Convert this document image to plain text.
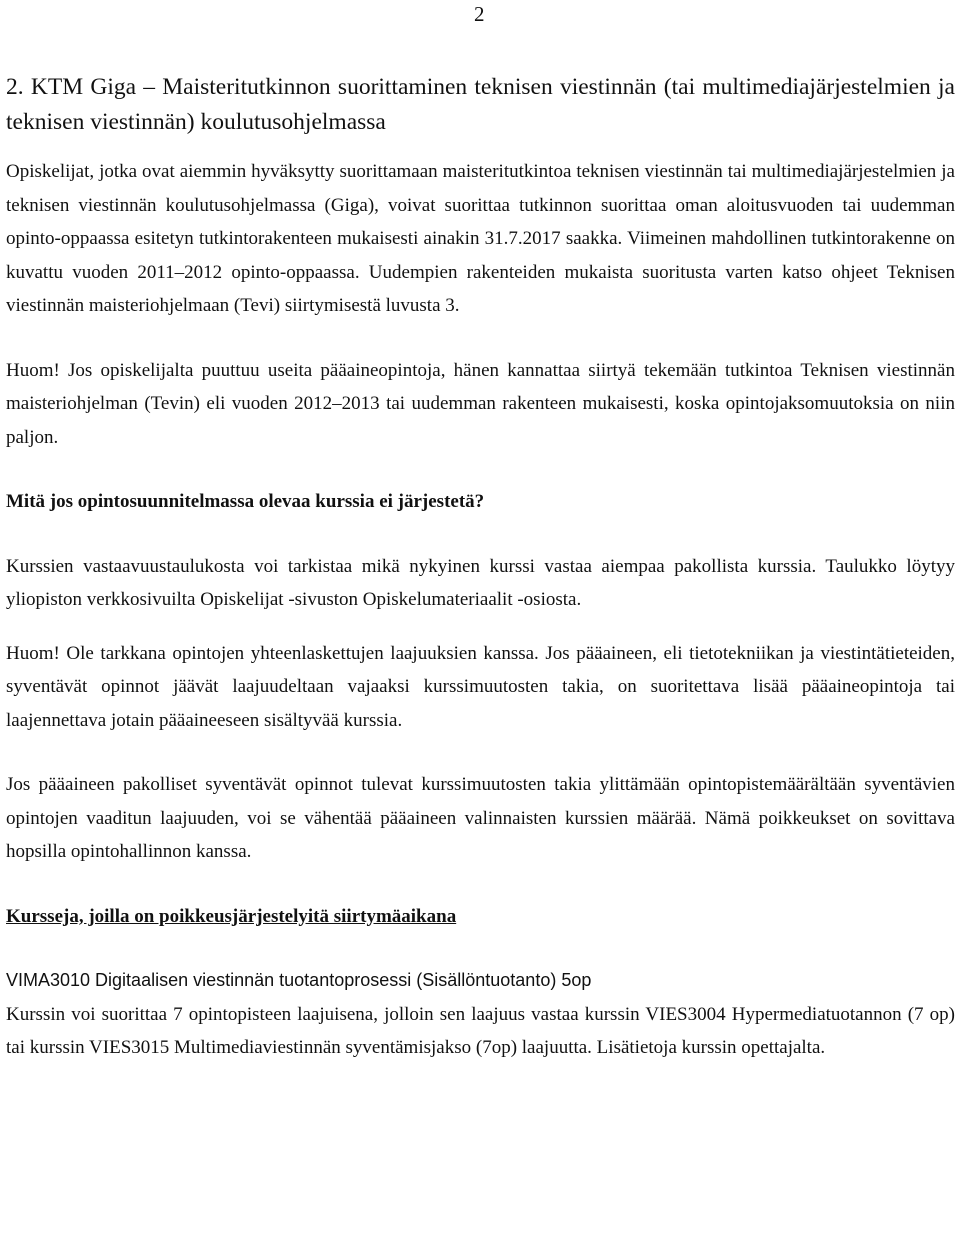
2
2. KTM Giga – Maisteritutkinnon suorittaminen teknisen viestinnän (tai multimediajärjestelmien ja teknisen viestinnän) koulutusohjelmassa

Opiskelijat, jotka ovat aiemmin hyväksytty suorittamaan maisteritutkintoa teknisen viestinnän tai multimediajärjestelmien ja teknisen viestinnän koulutusohjelmassa (Giga), voivat suorittaa tutkinnon suorittaa oman aloitusvuoden tai uudemman opinto-oppaassa esitetyn tutkintorakenteen mukaisesti ainakin 31.7.2017 saakka. Viimeinen mahdollinen tutkintorakenne on kuvattu vuoden 2011–2012 opinto-oppaassa. Uudempien rakenteiden mukaista suoritusta varten katso ohjeet Teknisen viestinnän maisteriohjelmaan (Tevi) siirtymisestä luvusta 3.

Huom! Jos opiskelijalta puuttuu useita pääaineopintoja, hänen kannattaa siirtyä tekemään tutkintoa Teknisen viestinnän maisteriohjelman (Tevin) eli vuoden 2012–2013 tai uudemman rakenteen mukaisesti, koska opintojaksomuutoksia on niin paljon.

Mitä jos opintosuunnitelmassa olevaa kurssia ei järjestetä?

Kurssien vastaavuustaulukosta voi tarkistaa mikä nykyinen kurssi vastaa aiempaa pakollista kurssia. Taulukko löytyy yliopiston verkkosivuilta Opiskelijat -sivuston Opiskelumateriaalit -osiosta.

Huom! Ole tarkkana opintojen yhteenlaskettujen laajuuksien kanssa. Jos pääaineen, eli tietotekniikan ja viestintätieteiden, syventävät opinnot jäävät laajuudeltaan vajaaksi kurssimuutosten takia, on suoritettava lisää pääaineopintoja tai laajennettava jotain pääaineeseen sisältyvää kurssia.

Jos pääaineen pakolliset syventävät opinnot tulevat kurssimuutosten takia ylittämään opintopistemäärältään syventävien opintojen vaaditun laajuuden, voi se vähentää pääaineen valinnaisten kurssien määrää. Nämä poikkeukset on sovittava hopsilla opintohallinnon kanssa.

Kursseja, joilla on poikkeusjärjestelyitä siirtymäaikana

VIMA3010 Digitaalisen viestinnän tuotantoprosessi (Sisällöntuotanto) 5op

Kurssin voi suorittaa 7 opintopisteen laajuisena, jolloin sen laajuus vastaa kurssin VIES3004 Hypermediatuotannon (7 op) tai kurssin VIES3015 Multimediaviestinnän syventämisjakso (7op) laajuutta. Lisätietoja kurssin opettajalta.
